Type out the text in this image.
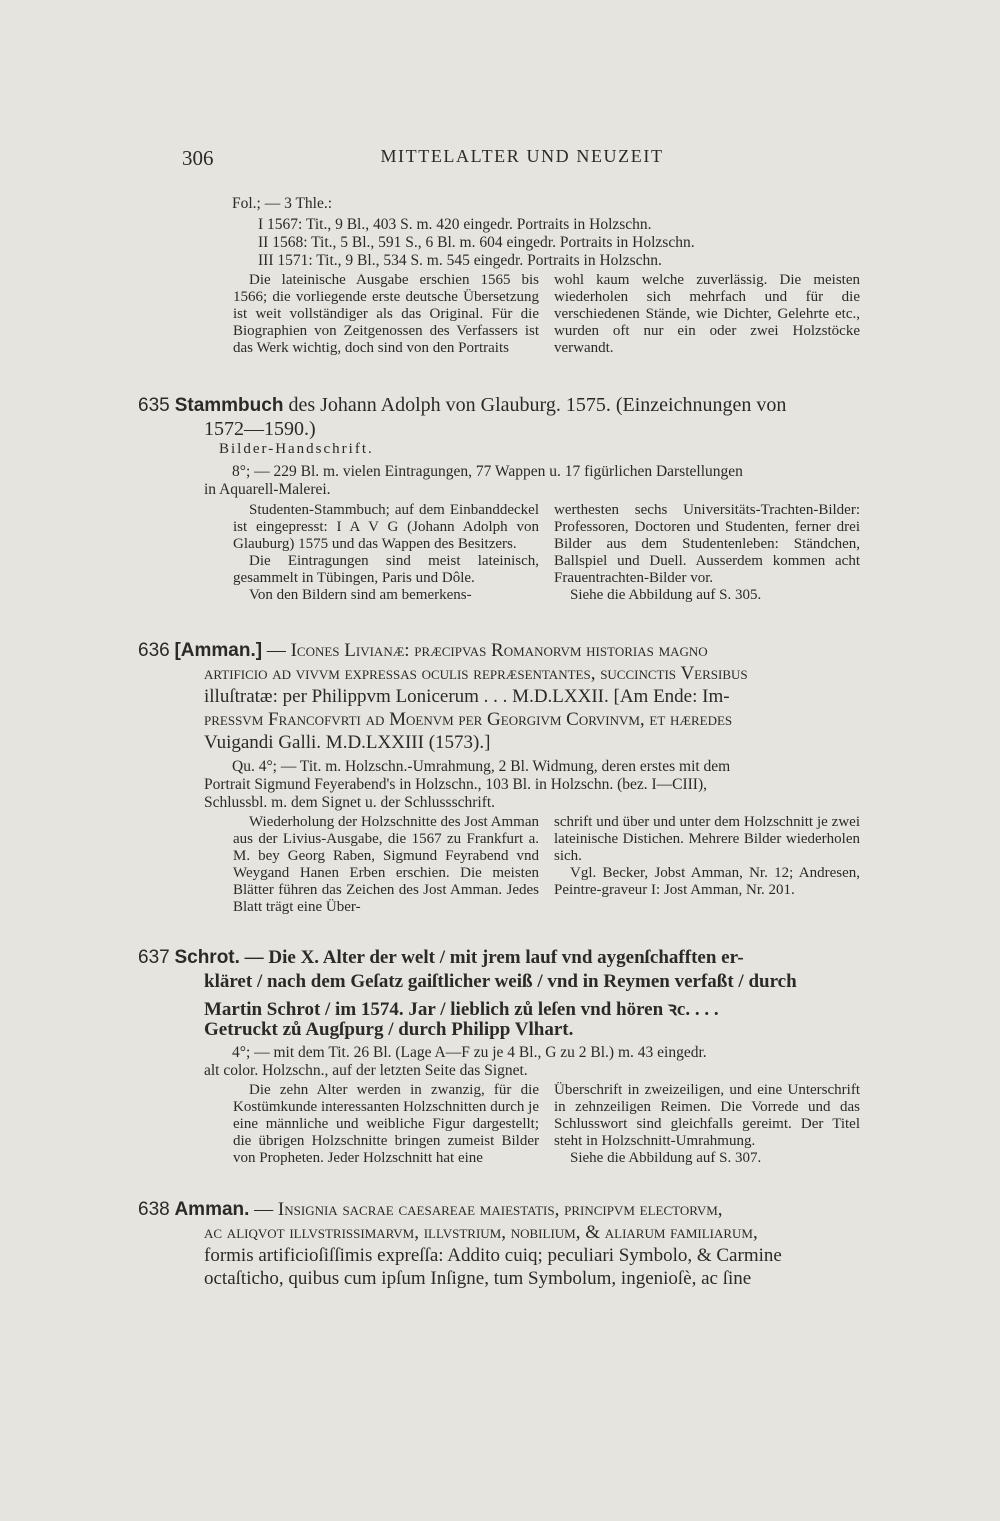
306	MITTELALTER UND NEUZEIT
Fol.; — 3 Thle.:
I 1567: Tit., 9 Bl., 403 S. m. 420 eingedr. Portraits in Holzschn.
II 1568: Tit., 5 Bl., 591 S., 6 Bl. m. 604 eingedr. Portraits in Holzschn.
III 1571: Tit., 9 Bl., 534 S. m. 545 eingedr. Portraits in Holzschn.

Die lateinische Ausgabe erschien 1565 bis 1566; die vorliegende erste deutsche Übersetzung ist weit vollständiger als das Original. Für die Biographien von Zeitgenossen des Verfassers ist das Werk wichtig, doch sind von den Portraits

wohl kaum welche zuverlässig. Die meisten wiederholen sich mehrfach und für die verschiedenen Stände, wie Dichter, Gelehrte etc., wurden oft nur ein oder zwei Holzstöcke verwandt.

635 Stammbuch des Johann Adolph von Glauburg. 1575. (Einzeichnungen von
1572—1590.)
Bilder-Handschrift.
8°; — 229 Bl. m. vielen Eintragungen, 77 Wappen u. 17 figürlichen Darstellungen
in Aquarell-Malerei.

Studenten-Stammbuch; auf dem Einbanddeckel ist eingepresst: I A V G (Johann Adolph von Glauburg) 1575 und das Wappen des Besitzers.

Die Eintragungen sind meist lateinisch, gesammelt in Tübingen, Paris und Dôle.

Von den Bildern sind am bemerkens-

werthesten sechs Universitäts-Trachten-Bilder: Professoren, Doctoren und Studenten, ferner drei Bilder aus dem Studentenleben: Ständchen, Ballspiel und Duell. Ausserdem kommen acht Frauentrachten-Bilder vor.

Siehe die Abbildung auf S. 305.

636 [Amman.] — Icones Livianæ: præcipvas Romanorvm historias magno
artificio ad vivvm expresſas oculis repræſentantes, ſuccinctis Verſibus
illuſtratæ: per Philippvm Lonicerum . . . M.D.LXXII. [Am Ende: Im-
pressvm Francofvrti ad Moenvm per Georgivm Corvinvm, et hæredes
Vuigandi Galli. M.D.LXXIII (1573).]
Qu. 4°; — Tit. m. Holzschn.-Umrahmung, 2 Bl. Widmung, deren erstes mit dem
Portrait Sigmund Feyerabend's in Holzschn., 103 Bl. in Holzschn. (bez. I—CIII),
Schlussbl. m. dem Signet u. der Schlussschrift.

Wiederholung der Holzschnitte des Jost Amman aus der Livius-Ausgabe, die 1567 zu Frankfurt a. M. bey Georg Raben, Sigmund Feyrabend vnd Weygand Hanen Erben erschien. Die meisten Blätter führen das Zeichen des Jost Amman. Jedes Blatt trägt eine Über-

schrift und über und unter dem Holzschnitt je zwei lateinische Distichen. Mehrere Bilder wiederholen sich.

Vgl. Becker, Jobst Amman, Nr. 12; Andresen, Peintre-graveur I: Jost Amman, Nr. 201.

637 Schrot. — Die X. Alter der welt / mit jrem lauf vnd aygenſchafften er-
kläret / nach dem Geſatz gaiſtlicher weiß / vnd in Reymen verfaßt / durch
Martin Schrot / im 1574. Jar / lieblich zů leſen vnd hören ꝛc. . . .
Getruckt zů Augſpurg / durch Philipp Vlhart.
4°; — mit dem Tit. 26 Bl. (Lage A—F zu je 4 Bl., G zu 2 Bl.) m. 43 eingedr.
alt color. Holzschn., auf der letzten Seite das Signet.

Die zehn Alter werden in zwanzig, für die Kostümkunde interessanten Holzschnitten durch je eine männliche und weibliche Figur dargestellt; die übrigen Holzschnitte bringen zumeist Bilder von Propheten. Jeder Holzschnitt hat eine

Überschrift in zweizeiligen, und eine Unterschrift in zehnzeiligen Reimen. Die Vorrede und das Schlusswort sind gleichfalls gereimt. Der Titel steht in Holzschnitt-Umrahmung.

Siehe die Abbildung auf S. 307.

638 Amman. — Insignia sacrae caesareae maiestatis, principvm electorvm,
ac aliqvot illvstrissimarvm, illvſtrium, nobilium, & aliarum familiarum,
formis artificioſiſſimis expreſſa: Addito cuiq; peculiari Symbolo, & Carmine
octaſticho, quibus cum ipſum Inſigne, tum Symbolum, ingenioſè, ac ſine
